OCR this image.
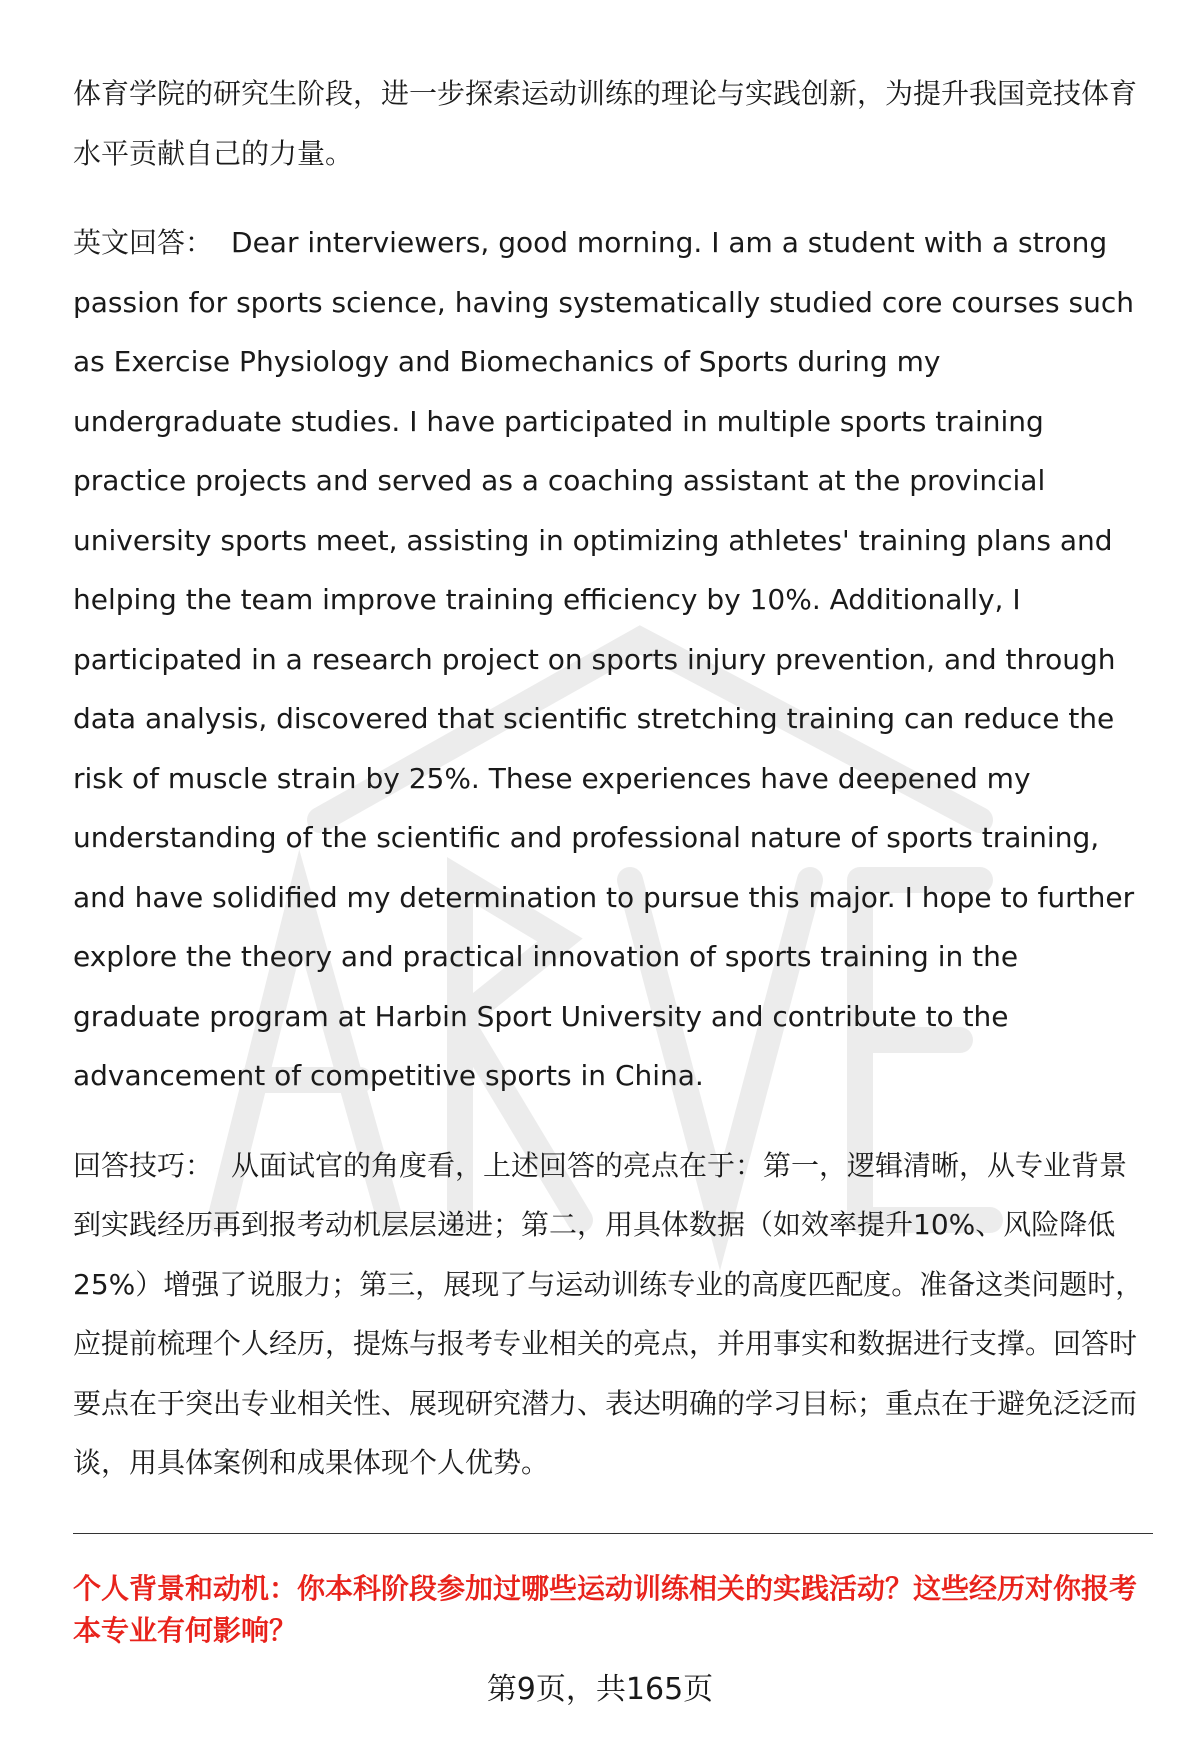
体育学院的研究生阶段，进一步探索运动训练的理论与实践创新，为提升我国竞技体育水平贡献自己的力量。

英文回答： Dear interviewers, good morning. I am a student with a strong passion for sports science, having systematically studied core courses such as Exercise Physiology and Biomechanics of Sports during my undergraduate studies. I have participated in multiple sports training practice projects and served as a coaching assistant at the provincial university sports meet, assisting in optimizing athletes' training plans and helping the team improve training efficiency by 10%. Additionally, I participated in a research project on sports injury prevention, and through data analysis, discovered that scientific stretching training can reduce the risk of muscle strain by 25%. These experiences have deepened my understanding of the scientific and professional nature of sports training, and have solidified my determination to pursue this major. I hope to further explore the theory and practical innovation of sports training in the graduate program at Harbin Sport University and contribute to the advancement of competitive sports in China.

回答技巧： 从面试官的角度看，上述回答的亮点在于：第一，逻辑清晰，从专业背景到实践经历再到报考动机层层递进；第二，用具体数据（如效率提升10%、风险降低25%）增强了说服力；第三，展现了与运动训练专业的高度匹配度。准备这类问题时，应提前梳理个人经历，提炼与报考专业相关的亮点，并用事实和数据进行支撑。回答时要点在于突出专业相关性、展现研究潜力、表达明确的学习目标；重点在于避免泛泛而谈，用具体案例和成果体现个人优势。

个人背景和动机：你本科阶段参加过哪些运动训练相关的实践活动？这些经历对你报考本专业有何影响？

第9页，共165页
